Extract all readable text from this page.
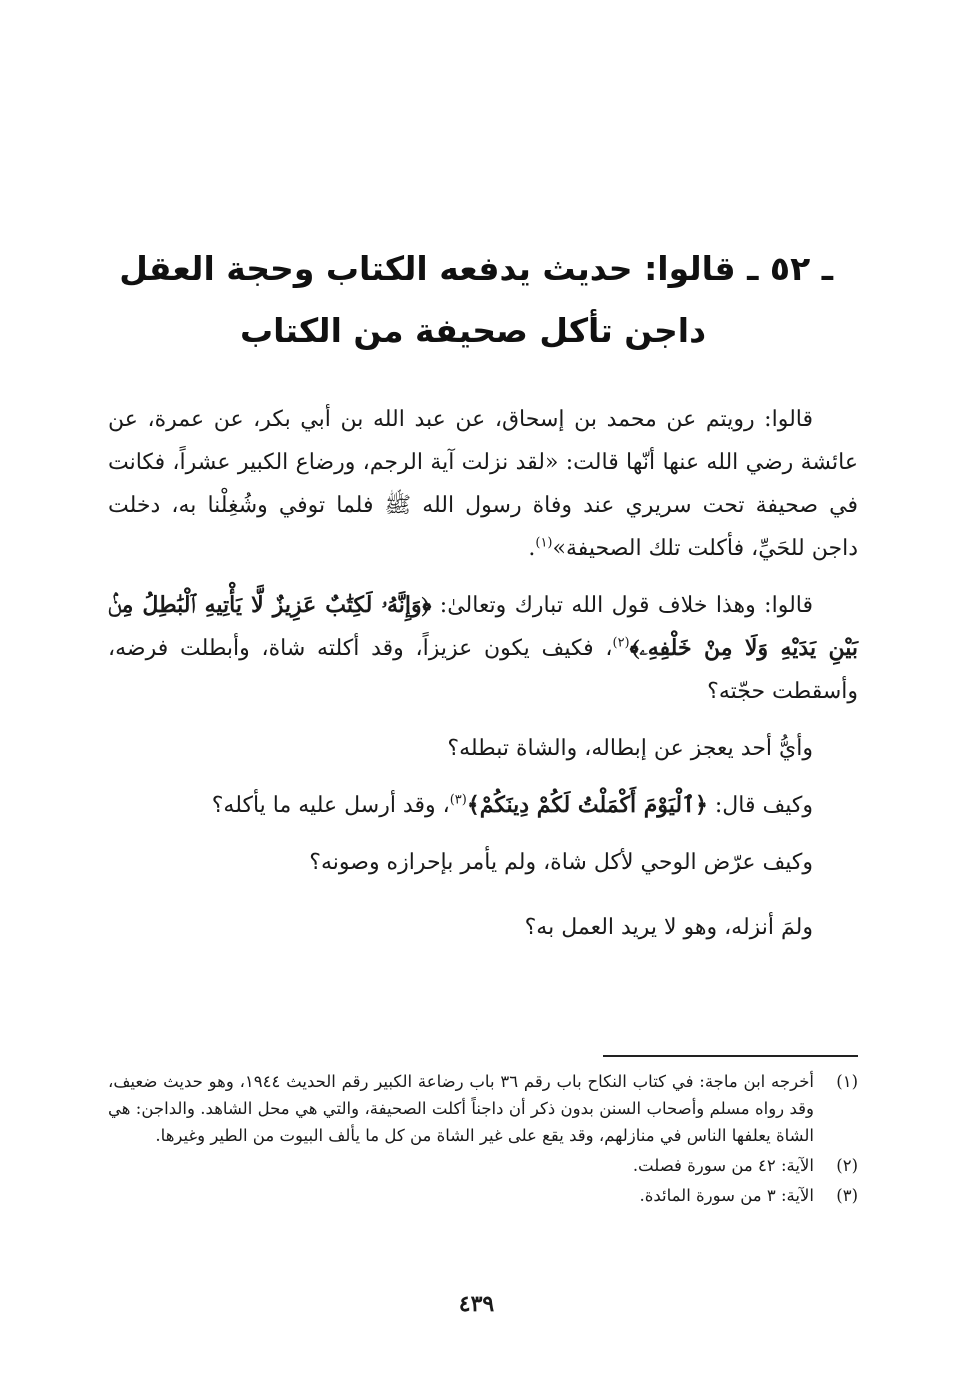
ـ ٥٢ ـ قالوا: حديث يدفعه الكتاب وحجة العقل
داجن تأكل صحيفة من الكتاب

قالوا: رويتم عن محمد بن إسحاق، عن عبد الله بن أبي بكر، عن عمرة، عن عائشة رضي الله عنها أنّها قالت: «لقد نزلت آية الرجم، ورضاع الكبير عشراً، فكانت في صحيفة تحت سريري عند وفاة رسول الله ﷺ فلما توفي وشُغِلْنا به، دخلت داجن للحَيِّ، فأكلت تلك الصحيفة»$^{(١)}$.

قالوا: وهذا خلاف قول الله تبارك وتعالىٰ: ﴿وَإِنَّهُۥ لَكِتَٰبٌ عَزِيزٌ لَّا يَأْتِيهِ ٱلْبَٰطِلُ مِنۢ بَيْنِ يَدَيْهِ وَلَا مِنْ خَلْفِهِۦ﴾$^{(٢)}$، فكيف يكون عزيزاً، وقد أكلته شاة، وأبطلت فرضه، وأسقطت حجّته؟

وأيُّ أحد يعجز عن إبطاله، والشاة تبطله؟

وكيف قال: ﴿ٱلْيَوْمَ أَكْمَلْتُ لَكُمْ دِينَكُمْ﴾$^{(٣)}$، وقد أرسل عليه ما يأكله؟

وكيف عرّض الوحي لأكل شاة، ولم يأمر بإحرازه وصونه؟

ولمَ أنزله، وهو لا يريد العمل به؟

(١)
أخرجه ابن ماجة: في كتاب النكاح باب رقم ٣٦ باب رضاعة الكبير رقم الحديث ١٩٤٤، وهو حديث ضعيف، وقد رواه مسلم وأصحاب السنن بدون ذكر أن داجناً أكلت الصحيفة، والتي هي محل الشاهد. والداجن: هي الشاة يعلفها الناس في منازلهم، وقد يقع على غير الشاة من كل ما يألف البيوت من الطير وغيرها.
(٢)
الآية: ٤٢ من سورة فصلت.
(٣)
الآية: ٣ من سورة المائدة.
٤٣٩
